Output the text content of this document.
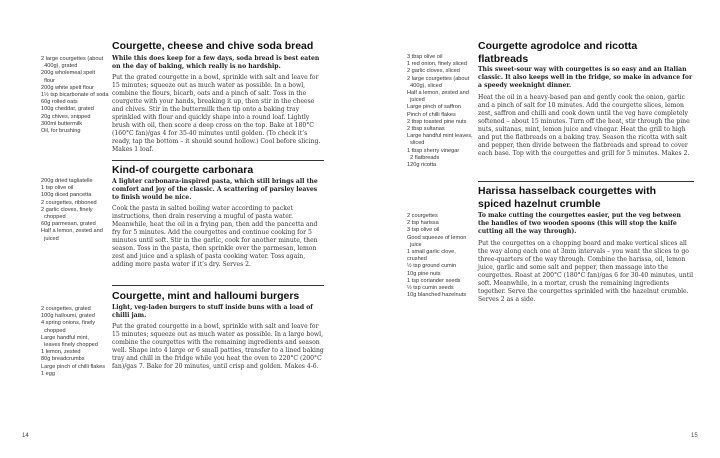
2 large courgettes (about
400g), grated
200g wholemeal spelt
flour
200g white spelt flour
1½ tsp bicarbonate of soda
60g rolled oats
100g cheddar, grated
20g chives, snipped
300ml buttermilk
Oil, for brushing
Courgette, cheese and chive soda bread
While this does keep for a few days, soda bread is best eaten on the day of baking, which really is no hardship.
Put the grated courgette in a bowl, sprinkle with salt and leave for 15 minutes; squeeze out as much water as possible. In a bowl, combine the flours, bicarb, oats and a pinch of salt. Toss in the courgette with your hands, breaking it up, then stir in the cheese and chives. Stir in the buttermilk then tip onto a baking tray sprinkled with flour and quickly shape into a round loaf. Lightly brush with oil, then score a deep cross on the top. Bake at 180°C (160°C fan)/gas 4 for 35-40 minutes until golden. (To check it’s ready, tap the bottom – it should sound hollow.) Cool before slicing. Makes 1 loaf.
200g dried tagliatelle
1 tsp olive oil
100g diced pancetta
2 courgettes, ribboned
2 garlic cloves, finely
chopped
60g parmesan, grated
Half a lemon, zested and
juiced
Kind-of courgette carbonara
A lighter carbonara-inspired pasta, which still brings all the comfort and joy of the classic. A scattering of parsley leaves to finish would be nice.
Cook the pasta in salted boiling water according to packet instructions, then drain reserving a mugful of pasta water. Meanwhile, heat the oil in a frying pan, then add the pancetta and fry for 5 minutes. Add the courgettes and continue cooking for 5 minutes until soft. Stir in the garlic, cook for another minute, then season. Toss in the pasta, then sprinkle over the parmesan, lemon zest and juice and a splash of pasta cooking water. Toss again, adding more pasta water if it’s dry. Serves 2.
2 courgettes, grated
100g halloumi, grated
4 spring onions, finely
chopped
Large handful mint,
leaves finely chopped
1 lemon, zested
80g breadcrumbs
Large pinch of chilli flakes
1 egg
Courgette, mint and halloumi burgers
Light, veg-laden burgers to stuff inside buns with a load of chilli jam.
Put the grated courgette in a bowl, sprinkle with salt and leave for 15 minutes; squeeze out as much water as possible. In a large bowl, combine the courgettes with the remaining ingredients and season well. Shape into 4 large or 6 small patties, transfer to a lined baking tray and chill in the fridge while you heat the oven to 220°C (200°C fan)/gas 7. Bake for 20 minutes, until crisp and golden. Makes 4-6.
14
3 tbsp olive oil
1 red onion, finely sliced
2 garlic cloves, sliced
2 large courgettes (about
400g), sliced
Half a lemon, zested and
juiced
Large pinch of saffron
Pinch of chilli flakes
2 tbsp toasted pine nuts
2 tbsp sultanas
Large handful mint leaves,
sliced
1 tbsp sherry vinegar
2 flatbreads
120g ricotta
Courgette agrodolce and ricotta flatbreads
This sweet-sour way with courgettes is so easy and an Italian classic. It also keeps well in the fridge, so make in advance for a speedy weeknight dinner.
Heat the oil in a heavy-based pan and gently cook the onion, garlic and a pinch of salt for 10 minutes. Add the courgette slices, lemon zest, saffron and chilli and cook down until the veg have completely softened – about 15 minutes. Turn off the heat, stir through the pine nuts, sultanas, mint, lemon juice and vinegar. Heat the grill to high and put the flatbreads on a baking tray. Season the ricotta with salt and pepper, then divide between the flatbreads and spread to cover each base. Top with the courgettes and grill for 5 minutes. Makes 2.
2 courgettes
2 tsp harissa
3 tsp olive oil
Good squeeze of lemon
juice
1 small garlic clove, crushed
½ tsp ground cumin
10g pine nuts
1 tsp coriander seeds
½ tsp cumin seeds
10g blanched hazelnuts
Harissa hasselback courgettes with spiced hazelnut crumble
To make cutting the courgettes easier, put the veg between the handles of two wooden spoons (this will stop the knife cutting all the way through).
Put the courgettes on a chopping board and make vertical slices all the way along each one at 3mm intervals – you want the slices to go three-quarters of the way through. Combine the harissa, oil, lemon juice, garlic and some salt and pepper, then massage into the courgettes. Roast at 200°C (180°C fan)/gas 6 for 30-40 minutes, until soft. Meanwhile, in a mortar, crush the remaining ingredients together. Serve the courgettes sprinkled with the hazelnut crumble. Serves 2 as a side.
15
